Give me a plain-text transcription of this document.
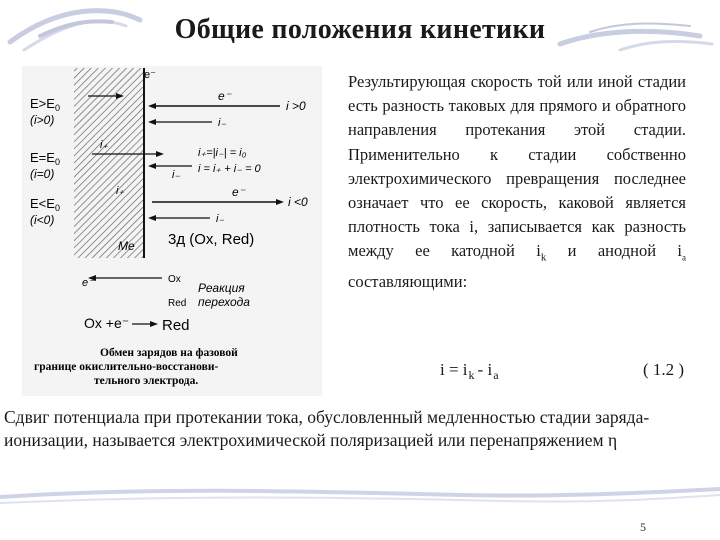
Общие положения кинетики
e⁻
$E>E_0$
(i>0)
e⁻
i >0
i₋
$E=E_0$
(i=0)
i₊
i₋
i₊=|i₋| = i₀
i = i₊ + i₋ = 0
$E<E_0$
(i<0)
i₊	e⁻
i <0
i₋
Me 3д (Ox, Red)
e⁻	Ox
Red
Реакция
перехода
Ox +e⁻ Red
Обмен зарядов на фазовой
границе окислительно-восстанови-
тельного электрода.

Результирующая скорость той или иной стадии есть разность таковых для прямого и обратного направления протекания этой стадии. Применительно к стадии собственно электрохимического превращения последнее означает что ее скорость, каковой является плотность тока i, записывается как разность между ее катодной $i_k$ и анодной $i_a$ составляющими:

$i = i_k - i_a$	( 1.2 )

Сдвиг потенциала при протекании тока, обусловленный медленностью стадии заряда-ионизации, называется электрохимической поляризацией или перенапряжением η

5
